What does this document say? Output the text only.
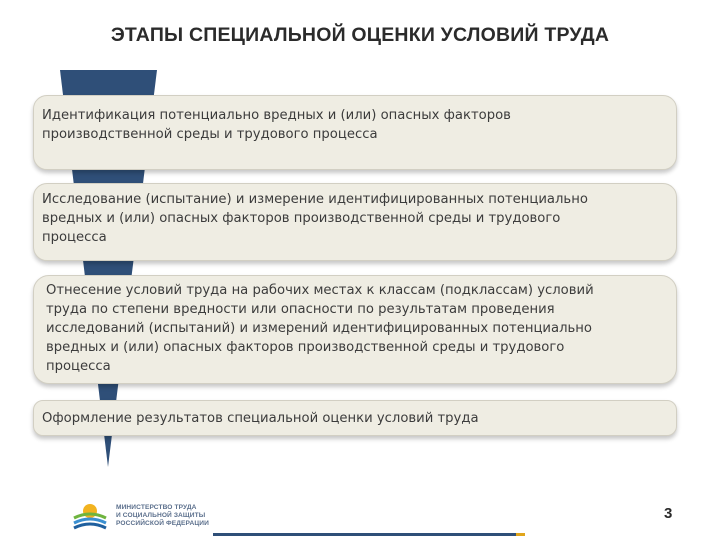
ЭТАПЫ СПЕЦИАЛЬНОЙ ОЦЕНКИ УСЛОВИЙ ТРУДА
Идентификация потенциально вредных и (или) опасных факторов
производственной среды и трудового процесса
Исследование (испытание) и измерение идентифицированных потенциально
вредных и (или) опасных факторов производственной среды и трудового
процесса
Отнесение условий труда на рабочих местах к классам (подклассам) условий
труда по степени вредности или опасности по результатам проведения
исследований (испытаний) и измерений идентифицированных потенциально
вредных и (или) опасных факторов производственной среды и трудового
процесса
Оформление результатов специальной оценки условий труда
МИНИСТЕРСТВО ТРУДА
И СОЦИАЛЬНОЙ ЗАЩИТЫ
РОССИЙСКОЙ ФЕДЕРАЦИИ
3
